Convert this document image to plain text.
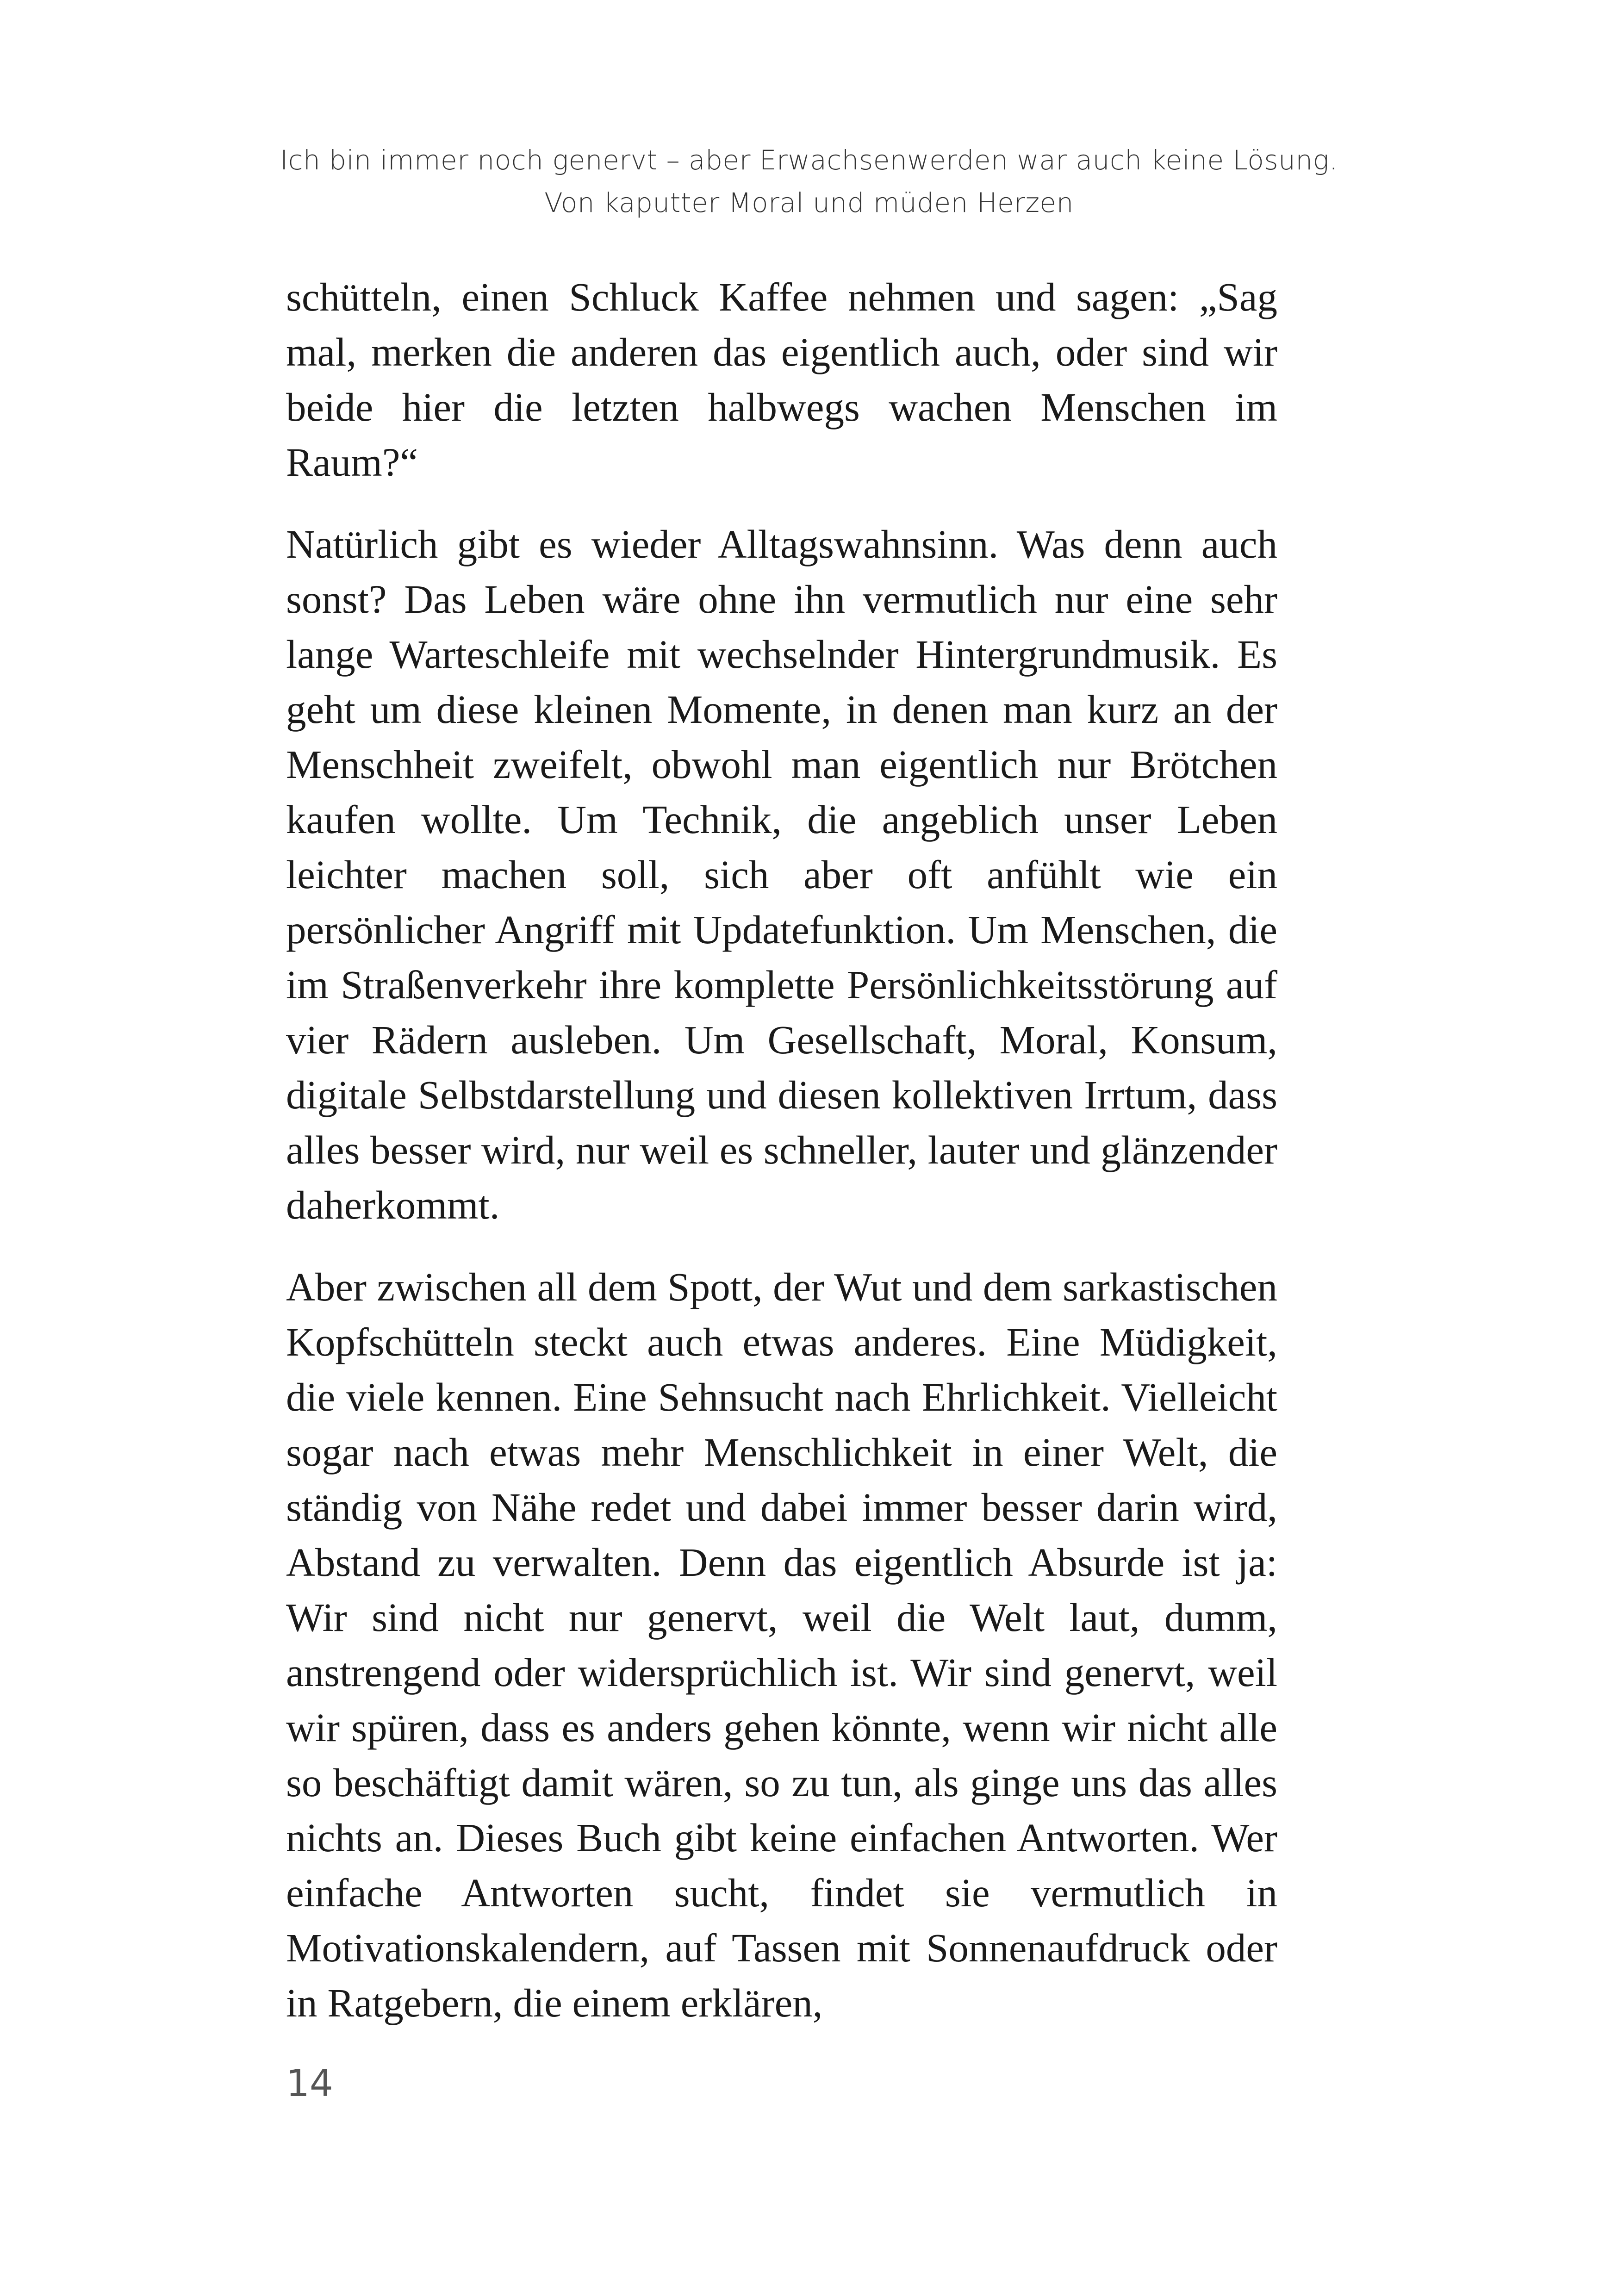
Ich bin immer noch genervt – aber Erwachsenwerden war auch keine Lösung.
Von kaputter Moral und müden Herzen

schütteln, einen Schluck Kaffee nehmen und sagen: „Sag mal, merken die anderen das eigentlich auch, oder sind wir beide hier die letzten halbwegs wachen Menschen im Raum?“

Natürlich gibt es wieder Alltagswahnsinn. Was denn auch sonst? Das Leben wäre ohne ihn vermutlich nur eine sehr lange Warteschleife mit wechselnder Hintergrundmusik. Es geht um diese kleinen Momente, in denen man kurz an der Menschheit zweifelt, obwohl man eigentlich nur Brötchen kaufen wollte. Um Technik, die angeblich unser Leben leichter machen soll, sich aber oft anfühlt wie ein persönlicher Angriff mit Updatefunktion. Um Menschen, die im Straßenverkehr ihre komplette Persönlichkeitsstörung auf vier Rädern ausleben. Um Gesellschaft, Moral, Konsum, digitale Selbstdarstellung und diesen kollektiven Irrtum, dass alles besser wird, nur weil es schneller, lauter und glänzender daherkommt.

Aber zwischen all dem Spott, der Wut und dem sarkastischen Kopfschütteln steckt auch etwas anderes. Eine Müdigkeit, die viele kennen. Eine Sehnsucht nach Ehrlichkeit. Vielleicht sogar nach etwas mehr Menschlichkeit in einer Welt, die ständig von Nähe redet und dabei immer besser darin wird, Abstand zu verwalten. Denn das eigentlich Absurde ist ja: Wir sind nicht nur genervt, weil die Welt laut, dumm, anstrengend oder widersprüchlich ist. Wir sind genervt, weil wir spüren, dass es anders gehen könnte, wenn wir nicht alle so beschäftigt damit wären, so zu tun, als ginge uns das alles nichts an. Dieses Buch gibt keine einfachen Antworten. Wer einfache Antworten sucht, findet sie vermutlich in Motivationskalendern, auf Tassen mit Sonnenaufdruck oder in Ratgebern, die einem erklären,

14
